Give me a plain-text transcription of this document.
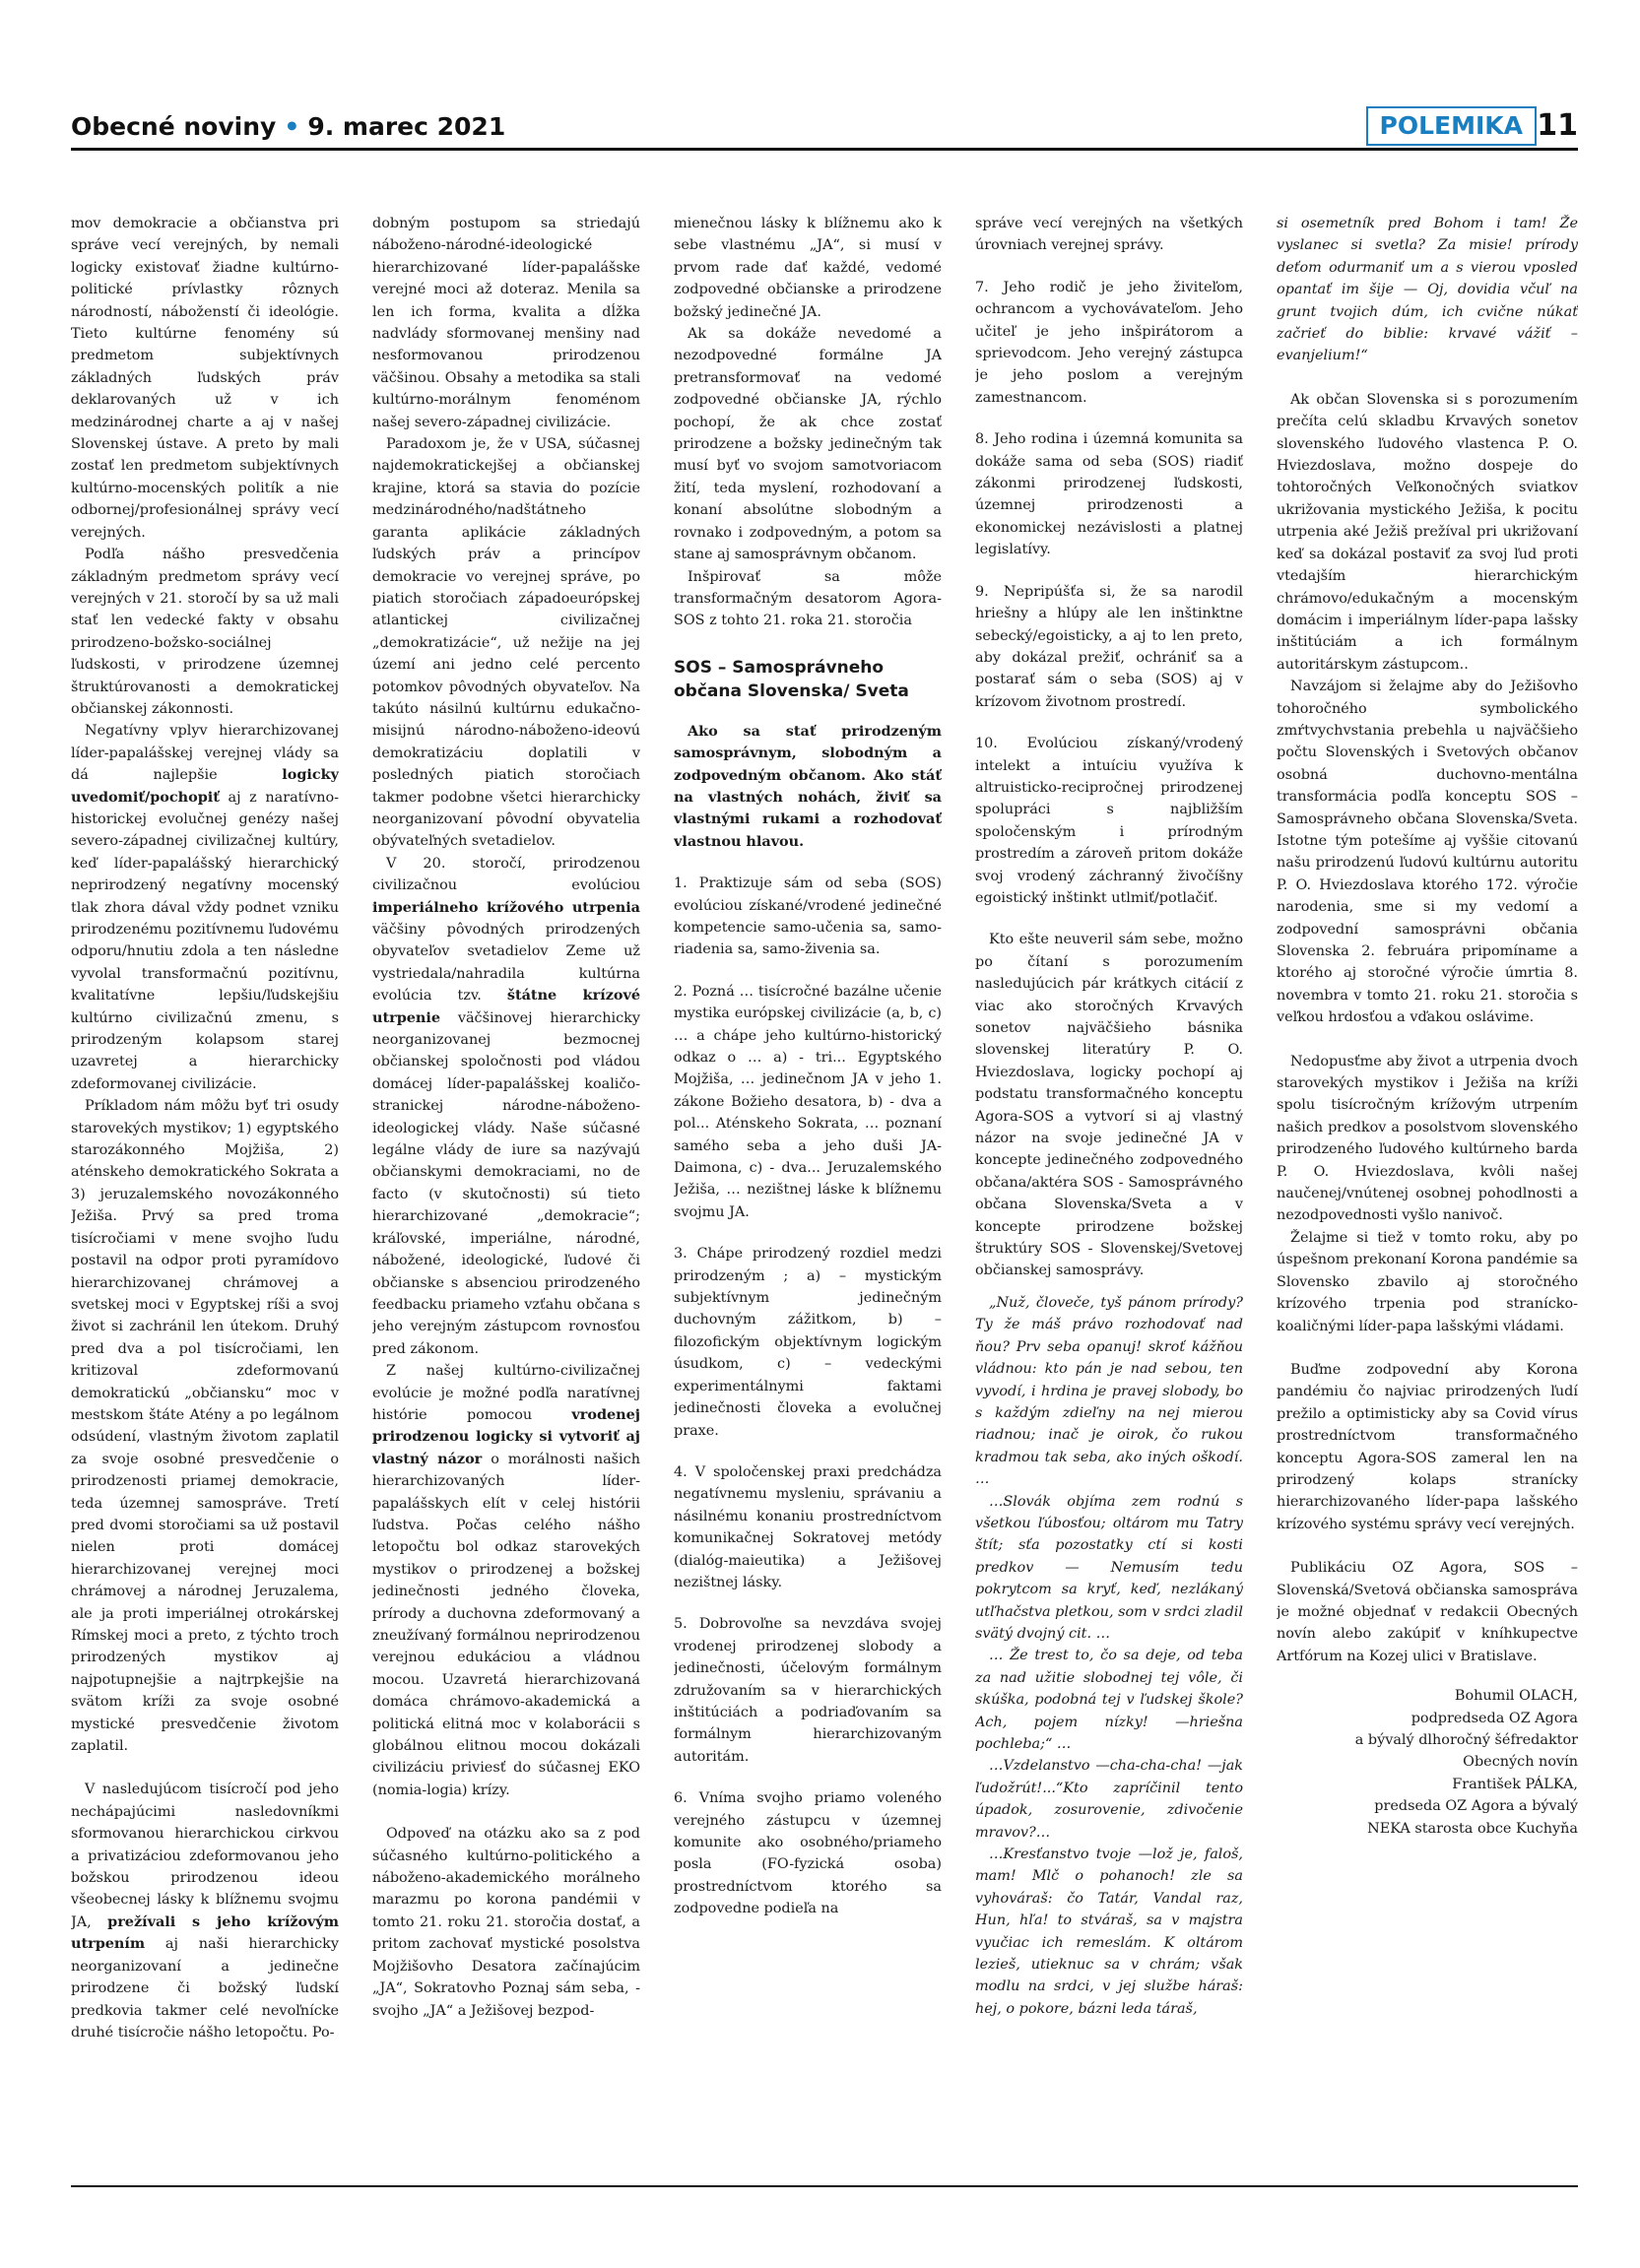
Obecné noviny • 9. marec 2021	POLEMIKA 11

mov demokracie a občianstva pri správe vecí verejných, by nemali logicky existovať žiadne kultúrno-politické prívlastky rôznych národností, náboženstí či ideológie. Tieto kultúrne fenomény sú predmetom subjektívnych základných ľudských práv deklarovaných už v ich medzinárodnej charte a aj v našej Slovenskej ústave. A preto by mali zostať len predmetom subjektívnych kultúrno-mocenských politík a nie odbornej/profesionálnej správy vecí verejných.

Podľa nášho presvedčenia základným predmetom správy vecí verejných v 21. storočí by sa už mali stať len vedecké fakty v obsahu prirodzeno-božsko-sociálnej ľudskosti, v prirodzene územnej štruktúrovanosti a demokratickej občianskej zákonnosti.

Negatívny vplyv hierarchizovanej líder-papalášskej verejnej vlády sa dá najlepšie logicky uvedomiť/pochopiť aj z naratívno-historickej evolučnej genézy našej severo-západnej civilizačnej kultúry, keď líder-papalášský hierarchický neprirodzený negatívny mocenský tlak zhora dával vždy podnet vzniku prirodzenému pozitívnemu ľudovému odporu/hnutiu zdola a ten následne vyvolal transformačnú pozitívnu, kvalitatívne lepšiu/ľudskejšiu kultúrno civilizačnú zmenu, s prirodzeným kolapsom starej uzavretej a hierarchicky zdeformovanej civilizácie.

Príkladom nám môžu byť tri osudy starovekých mystikov; 1) egyptského starozákonného Mojžiša, 2) aténskeho demokratického Sokrata a 3) jeruzalemského novozákonného Ježiša. Prvý sa pred troma tisícročiami v mene svojho ľudu postavil na odpor proti pyramídovo hierarchizovanej chrámovej a svetskej moci v Egyptskej ríši a svoj život si zachránil len útekom. Druhý pred dva a pol tisícročiami, len kritizoval zdeformovanú demokratickú „občiansku“ moc v mestskom štáte Atény a po legálnom odsúdení, vlastným životom zaplatil za svoje osobné presvedčenie o prirodzenosti priamej demokracie, teda územnej samospráve. Tretí pred dvomi storočiami sa už postavil nielen proti domácej hierarchizovanej verejnej moci chrámovej a národnej Jeruzalema, ale ja proti imperiálnej otrokárskej Rímskej moci a preto, z týchto troch prirodzených mystikov aj najpotupnejšie a najtrpkejšie na svätom kríži za svoje osobné mystické presvedčenie životom zaplatil.

V nasledujúcom tisícročí pod jeho nechápajúcimi nasledovníkmi sformovanou hierarchickou cirkvou a privatizáciou zdeformovanou jeho božskou prirodzenou ideou všeobecnej lásky k blížnemu svojmu JA, prežívali s jeho krížovým utrpením aj naši hierarchicky neorganizovaní a jedinečne prirodzene či božský ľudskí predkovia takmer celé nevoľnícke druhé tisícročie nášho letopočtu. Po-

dobným postupom sa striedajú náboženo-národné-ideologické hierarchizované líder-papalášske verejné moci až doteraz. Menila sa len ich forma, kvalita a dĺžka nadvlády sformovanej menšiny nad nesformovanou prirodzenou väčšinou. Obsahy a metodika sa stali kultúrno-morálnym fenoménom našej severo-západnej civilizácie.

Paradoxom je, že v USA, súčasnej najdemokratickejšej a občianskej krajine, ktorá sa stavia do pozície medzinárodného/nadštátneho garanta aplikácie základných ľudských práv a princípov demokracie vo verejnej správe, po piatich storočiach západoeurópskej atlantickej civilizačnej „demokratizácie“, už nežije na jej území ani jedno celé percento potomkov pôvodných obyvateľov. Na takúto násilnú kultúrnu edukačno-misijnú národno-náboženo-ideovú demokratizáciu doplatili v posledných piatich storočiach takmer podobne všetci hierarchicky neorganizovaní pôvodní obyvatelia obývateľných svetadielov.

V 20. storočí, prirodzenou civilizačnou evolúciou imperiálneho krížového utrpenia väčšiny pôvodných prirodzených obyvateľov svetadielov Zeme už vystriedala/nahradila kultúrna evolúcia tzv. štátne krízové utrpenie väčšinovej hierarchicky neorganizovanej bezmocnej občianskej spoločnosti pod vládou domácej líder-papalášskej koaličo-stranickej národne-náboženo-ideologickej vlády. Naše súčasné legálne vlády de iure sa nazývajú občianskymi demokraciami, no de facto (v skutočnosti) sú tieto hierarchizované „demokracie“; kráľovské, imperiálne, národné, nábožené, ideologické, ľudové či občianske s absenciou prirodzeného feedbacku priameho vzťahu občana s jeho verejným zástupcom rovnosťou pred zákonom.

Z našej kultúrno-civilizačnej evolúcie je možné podľa naratívnej histórie pomocou vrodenej prirodzenou logicky si vytvoriť aj vlastný názor o morálnosti našich hierarchizovaných líder-papalášskych elít v celej histórii ľudstva. Počas celého nášho letopočtu bol odkaz starovekých mystikov o prirodzenej a božskej jedinečnosti jedného človeka, prírody a duchovna zdeformovaný a zneužívaný formálnou neprirodzenou verejnou edukáciou a vládnou mocou. Uzavretá hierarchizovaná domáca chrámovo-akademická a politická elitná moc v kolaborácii s globálnou elitnou mocou dokázali civilizáciu priviesť do súčasnej EKO (nomia-logia) krízy.

Odpoveď na otázku ako sa z pod súčasného kultúrno-politického a náboženo-akademického morálneho marazmu po korona pandémii v tomto 21. roku 21. storočia dostať, a pritom zachovať mystické posolstva Mojžišovho Desatora začínajúcim „JA“, Sokratovho Poznaj sám seba, - svojho „JA“ a Ježišovej bezpod-

mienečnou lásky k blížnemu ako k sebe vlastnému „JA“, si musí v prvom rade dať každé, vedomé zodpovedné občianske a prirodzene božský jedinečné JA.

Ak sa dokáže nevedomé a nezodpovedné formálne JA pretransformovať na vedomé zodpovedné občianske JA, rýchlo pochopí, že ak chce zostať prirodzene a božsky jedinečným tak musí byť vo svojom samotvoriacom žití, teda myslení, rozhodovaní a konaní absolútne slobodným a rovnako i zodpovedným, a potom sa stane aj samosprávnym občanom.

Inšpirovať sa môže transformačným desatorom Agora-SOS z tohto 21. roka 21. storočia

SOS – Samosprávneho občana Slovenska/ Sveta

Ako sa stať prirodzeným samosprávnym, slobodným a zodpovedným občanom. Ako stáť na vlastných nohách, živiť sa vlastnými rukami a rozhodovať vlastnou hlavou.

1. Praktizuje sám od seba (SOS) evolúciou získané/vrodené jedinečné kompetencie samo-učenia sa, samo-riadenia sa, samo-živenia sa.

2. Pozná … tisícročné bazálne učenie mystika európskej civilizácie (a, b, c) … a chápe jeho kultúrno-historický odkaz o … a) - tri... Egyptského Mojžiša, … jedinečnom JA v jeho 1. zákone Božieho desatora, b) - dva a pol... Aténskeho Sokrata, … poznaní samého seba a jeho duši JA-Daimona, c) - dva... Jeruzalemského Ježiša, … nezištnej láske k blížnemu svojmu JA.

3. Chápe prirodzený rozdiel medzi prirodzeným ; a) – mystickým subjektívnym jedinečným duchovným zážitkom, b) – filozofickým objektívnym logickým úsudkom, c) – vedeckými experimentálnymi faktami jedinečnosti človeka a evolučnej praxe.

4. V spoločenskej praxi predchádza negatívnemu mysleniu, správaniu a násilnému konaniu prostredníctvom komunikačnej Sokratovej metódy (dialóg-maieutika) a Ježišovej nezištnej lásky.

5. Dobrovoľne sa nevzdáva svojej vrodenej prirodzenej slobody a jedinečnosti, účelovým formálnym združovaním sa v hierarchických inštitúciách a podriaďovaním sa formálnym hierarchizovaným autoritám.

6. Vníma svojho priamo voleného verejného zástupcu v územnej komunite ako osobného/priameho posla (FO-fyzická osoba) prostredníctvom ktorého sa zodpovedne podieľa na

správe vecí verejných na všetkých úrovniach verejnej správy.

7. Jeho rodič je jeho živiteľom, ochrancom a vychovávateľom. Jeho učiteľ je jeho inšpirátorom a sprievodcom. Jeho verejný zástupca je jeho poslom a verejným zamestnancom.

8. Jeho rodina i územná komunita sa dokáže sama od seba (SOS) riadiť zákonmi prirodzenej ľudskosti, územnej prirodzenosti a ekonomickej nezávislosti a platnej legislatívy.

9. Nepripúšťa si, že sa narodil hriešny a hlúpy ale len inštinktne sebecký/egoisticky, a aj to len preto, aby dokázal prežiť, ochrániť sa a postarať sám o seba (SOS) aj v krízovom životnom prostredí.

10. Evolúciou získaný/vrodený intelekt a intuíciu využíva k altruisticko-recipročnej prirodzenej spolupráci s najbližším spoločenským i prírodným prostredím a zároveň pritom dokáže svoj vrodený záchranný živočíšny egoistický inštinkt utlmiť/potlačiť.

Kto ešte neuveril sám sebe, možno po čítaní s porozumením nasledujúcich pár krátkych citácií z viac ako storočných Krvavých sonetov najväčšieho básnika slovenskej literatúry P. O. Hviezdoslava, logicky pochopí aj podstatu transformačného konceptu Agora-SOS a vytvorí si aj vlastný názor na svoje jedinečné JA v koncepte jedinečného zodpovedného občana/aktéra SOS - Samosprávného občana Slovenska/Sveta a v koncepte prirodzene božskej štruktúry SOS - Slovenskej/Svetovej občianskej samosprávy.

„Nuž, človeče, tyš pánom prírody? Ty že máš právo rozhodovať nad ňou? Prv seba opanuj! skroť kážňou vládnou: kto pán je nad sebou, ten vyvodí, i hrdina je pravej slobody, bo s každým zdieľny na nej mierou riadnou; inač je oirok, čo rukou kradmou tak seba, ako iných oškodí. …

…Slovák objíma zem rodnú s všetkou ľúbosťou; oltárom mu Tatry štít; sťa pozostatky ctí si kosti predkov — Nemusím tedu pokrytcom sa kryť, keď, nezlákaný utľhačstva pletkou, som v srdci zladil svätý dvojný cit. …

… Že trest to, čo sa deje, od teba za nad užitie slobodnej tej vôle, či skúška, podobná tej v ľudskej škole? Ach, pojem nízky! —hriešna pochleba;“ …

…Vzdelanstvo —cha-cha-cha! —jak ľudožrút!...“Kto zapríčinil tento úpadok, zosurovenie, zdivočenie mravov?…

…Kresťanstvo tvoje —lož je, faloš, mam! Mlč o pohanoch! zle sa vyhováraš: čo Tatár, Vandal raz, Hun, hľa! to stváraš, sa v majstra vyučiac ich remeslám. K oltárom lezieš, utieknuc sa v chrám; však modlu na srdci, v jej službe háraš: hej, o pokore, bázni leda táraš,

si osemetník pred Bohom i tam! Že vyslanec si svetla? Za misie! prírody deťom odurmaniť um a s vierou vposled opantať im šije — Oj, dovidia včuľ na grunt tvojich dúm, ich cvične núkať začrieť do biblie: krvavé vážiť – evanjelium!“

Ak občan Slovenska si s porozumením prečíta celú skladbu Krvavých sonetov slovenského ľudového vlastenca P. O. Hviezdoslava, možno dospeje do tohtoročných Veľkonočných sviatkov ukrižovania mystického Ježiša, k pocitu utrpenia aké Ježiš prežíval pri ukrižovaní keď sa dokázal postaviť za svoj ľud proti vtedajším hierarchickým chrámovo/edukačným a mocenským domácim i imperiálnym líder-papa lašsky inštitúciám a ich formálnym autoritárskym zástupcom..

Navzájom si želajme aby do Ježišovho tohoročného symbolického zmŕtvychvstania prebehla u najväčšieho počtu Slovenských i Svetových občanov osobná duchovno-mentálna transformácia podľa konceptu SOS – Samosprávneho občana Slovenska/Sveta. Istotne tým potešíme aj vyššie citovanú našu prirodzenú ľudovú kultúrnu autoritu P. O. Hviezdoslava ktorého 172. výročie narodenia, sme si my vedomí a zodpovední samosprávni občania Slovenska 2. februára pripomíname a ktorého aj storočné výročie úmrtia 8. novembra v tomto 21. roku 21. storočia s veľkou hrdosťou a vďakou oslávime.

Nedopusťme aby život a utrpenia dvoch starovekých mystikov i Ježiša na kríži spolu tisícročným krížovým utrpením našich predkov a posolstvom slovenského prirodzeného ľudového kultúrneho barda P. O. Hviezdoslava, kvôli našej naučenej/vnútenej osobnej pohodlnosti a nezodpovednosti vyšlo nanivoč.

Želajme si tiež v tomto roku, aby po úspešnom prekonaní Korona pandémie sa Slovensko zbavilo aj storočného krízového trpenia pod stranícko-koaličnými líder-papa lašskými vládami.

Buďme zodpovední aby Korona pandémiu čo najviac prirodzených ľudí prežilo a optimisticky aby sa Covid vírus prostredníctvom transformačného konceptu Agora-SOS zameral len na prirodzený kolaps stranícky hierarchizovaného líder-papa lašského krízového systému správy vecí verejných.

Publikáciu OZ Agora, SOS – Slovenská/Svetová občianska samospráva je možné objednať v redakcii Obecných novín alebo zakúpiť v kníhkupectve Artfórum na Kozej ulici v Bratislave.

Bohumil OLACH,

podpredseda OZ Agora

a bývalý dlhoročný šéfredaktor

Obecných novín

František PÁLKA,

predseda OZ Agora a bývalý

NEKA starosta obce Kuchyňa
